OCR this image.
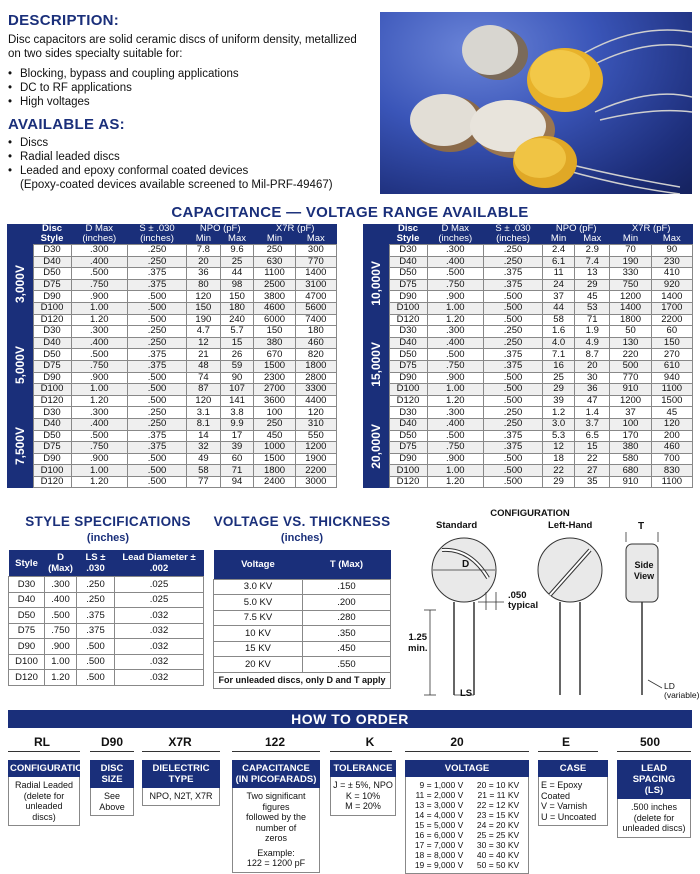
DESCRIPTION:
Disc capacitors are solid ceramic discs of uniform density, metallized
on two sides specialty suitable for:
• Blocking, bypass and coupling applications
• DC to RF applications
• High voltages
AVAILABLE AS:
• Discs
• Radial leaded discs
• Leaded and epoxy conformal coated devices
(Epoxy-coated devices available screened to Mil-PRF-49467)
CAPACITANCE — VOLTAGE RANGE AVAILABLE
	Disc Style	D Max	S ± .030	NPO (pF)		X7R (pF)	
		(inches)	(inches)	Min	Max	Min	Max
3,000V	D30	.300	.250	7.8	9.6	250	300
	D40	.400	.250	20	25	630	770
	D50	.500	.375	36	44	1100	1400
	D75	.750	.375	80	98	2500	3100
	D90	.900	.500	120	150	3800	4700
	D100	1.00	.500	150	180	4600	5600
	D120	1.20	.500	190	240	6000	7400
5,000V	D30	.300	.250	4.7	5.7	150	180
	D40	.400	.250	12	15	380	460
	D50	.500	.375	21	26	670	820
	D75	.750	.375	48	59	1500	1800
	D90	.900	.500	74	90	2300	2800
	D100	1.00	.500	87	107	2700	3300
	D120	1.20	.500	120	141	3600	4400
7,500V	D30	.300	.250	3.1	3.8	100	120
	D40	.400	.250	8.1	9.9	250	310
	D50	.500	.375	14	17	450	550
	D75	.750	.375	32	39	1000	1200
	D90	.900	.500	49	60	1500	1900
	D100	1.00	.500	58	71	1800	2200
	D120	1.20	.500	77	94	2400	3000
	Disc Style	D Max	S ± .030	NPO (pF)		X7R (pF)	
		(inches)	(inches)	Min	Max	Min	Max
10,000V	D30	.300	.250	2.4	2.9	70	90
	D40	.400	.250	6.1	7.4	190	230
	D50	.500	.375	11	13	330	410
	D75	.750	.375	24	29	750	920
	D90	.900	.500	37	45	1200	1400
	D100	1.00	.500	44	53	1400	1700
	D120	1.20	.500	58	71	1800	2200
15,000V	D30	.300	.250	1.6	1.9	50	60
	D40	.400	.250	4.0	4.9	130	150
	D50	.500	.375	7.1	8.7	220	270
	D75	.750	.375	16	20	500	610
	D90	.900	.500	25	30	770	940
	D100	1.00	.500	29	36	910	1100
	D120	1.20	.500	39	47	1200	1500
20,000V	D30	.300	.250	1.2	1.4	37	45
	D40	.400	.250	3.0	3.7	100	120
	D50	.500	.375	5.3	6.5	170	200
	D75	.750	.375	12	15	380	460
	D90	.900	.500	18	22	580	700
	D100	1.00	.500	22	27	680	830
	D120	1.20	.500	29	35	910	1100
STYLE SPECIFICATIONS
(inches)
Style	D (Max)	LS ± .030	Lead Diameter ± .002
D30	.300	.250	.025
D40	.400	.250	.025
D50	.500	.375	.032
D75	.750	.375	.032
D90	.900	.500	.032
D100	1.00	.500	.032
D120	1.20	.500	.032
VOLTAGE VS. THICKNESS
(inches)
Voltage	T (Max)
3.0 KV	.150
5.0 KV	.200
7.5 KV	.280
10 KV	.350
15 KV	.450
20 KV	.550
For unleaded discs, only D and T apply	
CONFIGURATION
Standard	Left-Hand
D
T
Side View
.050
typical
1.25
min.
LS
LD
(variable)
HOW TO ORDER
RL	D90	X7R	122	K	20	E	500
CONFIGURATION
Radial Leaded
(delete for unleaded
discs)
DISC SIZE
See
Above
DIELECTRIC TYPE
NPO, N2T, X7R
CAPACITANCE
(IN PICOFARADS)
Two significant figures
followed by the number of
zeros
Example:
122 = 1200 pF
TOLERANCE
J = ± 5%, NPO
K = 10%
M = 20%
VOLTAGE
9 = 1,000 V
11 = 2,000 V
13 = 3,000 V
14 = 4,000 V
15 = 5,000 V
16 = 6,000 V
17 = 7,000 V
18 = 8,000 V
19 = 9,000 V
20 = 10 KV
21 = 11 KV
22 = 12 KV
23 = 15 KV
24 = 20 KV
25 = 25 KV
30 = 30 KV
40 = 40 KV
50 = 50 KV
CASE
E = Epoxy Coated
V = Varnish
U = Uncoated
LEAD SPACING
(LS)
.500 inches
(delete for
unleaded discs)
